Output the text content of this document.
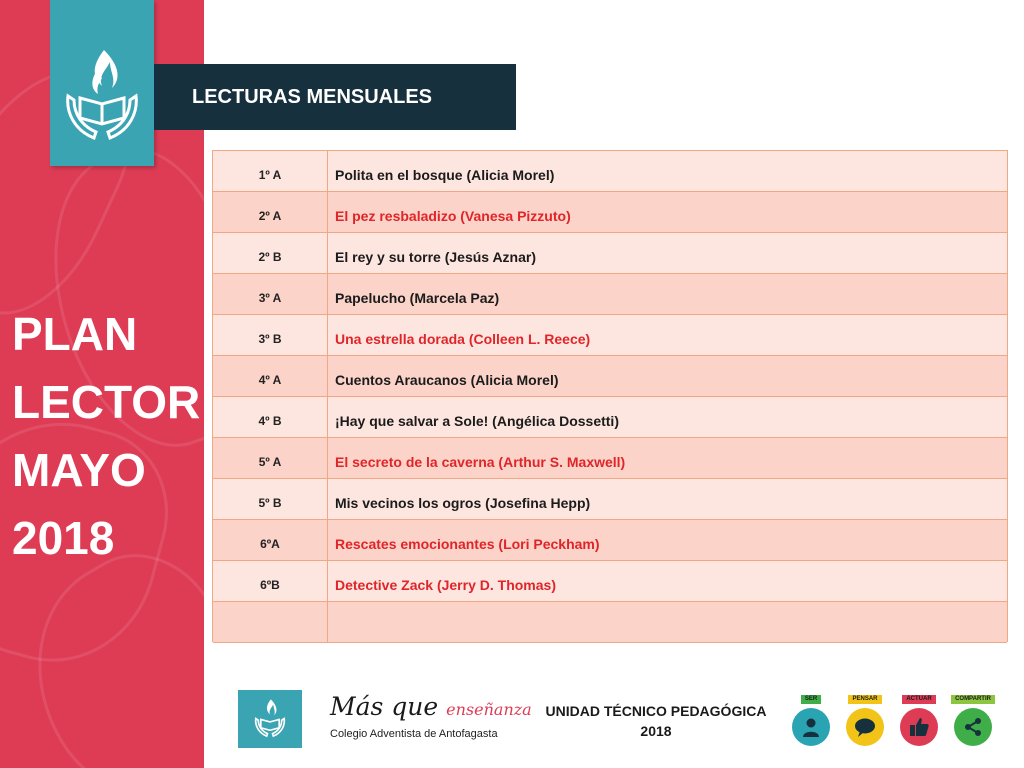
PLAN
LECTOR
MAYO
2018
LECTURAS MENSUALES
1º A	Polita en el bosque (Alicia Morel)
2º A	El pez resbaladizo (Vanesa Pizzuto)
2º B	El rey y su torre (Jesús Aznar)
3º A	Papelucho (Marcela Paz)
3º B	Una estrella dorada (Colleen L. Reece)
4º A	Cuentos Araucanos (Alicia Morel)
4º B	¡Hay que salvar a Sole! (Angélica Dossetti)
5º A	El secreto de la caverna (Arthur S. Maxwell)
5º B	Mis vecinos los ogros (Josefina Hepp)
6ºA	Rescates emocionantes (Lori Peckham)
6ºB	Detective Zack (Jerry D. Thomas)
Más que enseñanza
Colegio Adventista de Antofagasta
UNIDAD TÉCNICO PEDAGÓGICA
2018
SER	PENSAR	ACTUAR	COMPARTIR
